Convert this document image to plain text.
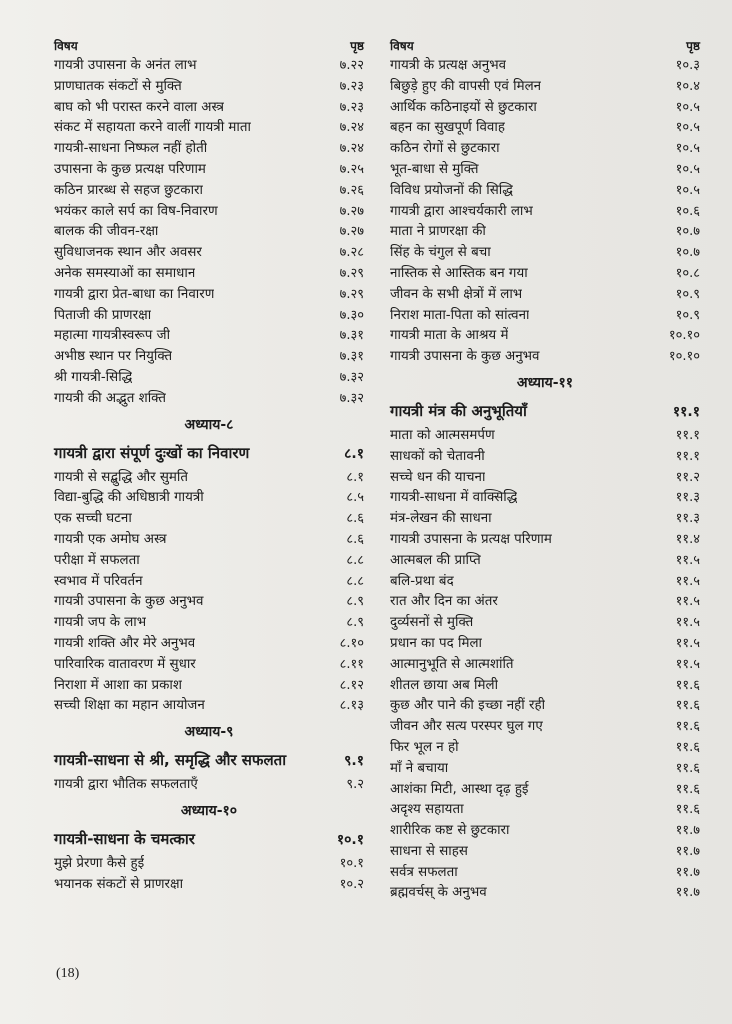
विषय	पृष्ठ
गायत्री उपासना के अनंत लाभ	७.२२
प्राणघातक संकटों से मुक्ति	७.२३
बाघ को भी परास्त करने वाला अस्त्र	७.२३
संकट में सहायता करने वालीं गायत्री माता	७.२४
गायत्री-साधना निष्फल नहीं होती	७.२४
उपासना के कुछ प्रत्यक्ष परिणाम	७.२५
कठिन प्रारब्ध से सहज छुटकारा	७.२६
भयंकर काले सर्प का विष-निवारण	७.२७
बालक की जीवन-रक्षा	७.२७
सुविधाजनक स्थान और अवसर	७.२८
अनेक समस्याओं का समाधान	७.२९
गायत्री द्वारा प्रेत-बाधा का निवारण	७.२९
पिताजी की प्राणरक्षा	७.३०
महात्मा गायत्रीस्वरूप जी	७.३१
अभीष्ठ स्थान पर नियुक्ति	७.३१
श्री गायत्री-सिद्धि	७.३२
गायत्री की अद्भुत शक्ति	७.३२
अध्याय-८
गायत्री द्वारा संपूर्ण दुःखों का निवारण	८.१
गायत्री से सद्बुद्धि और सुमति	८.१
विद्या-बुद्धि की अधिष्ठात्री गायत्री	८.५
एक सच्ची घटना	८.६
गायत्री एक अमोघ अस्त्र	८.६
परीक्षा में सफलता	८.८
स्वभाव में परिवर्तन	८.८
गायत्री उपासना के कुछ अनुभव	८.९
गायत्री जप के लाभ	८.९
गायत्री शक्ति और मेरे अनुभव	८.१०
पारिवारिक वातावरण में सुधार	८.११
निराशा में आशा का प्रकाश	८.१२
सच्ची शिक्षा का महान आयोजन	८.१३
अध्याय-९
गायत्री-साधना से श्री, समृद्धि और सफलता	९.१
गायत्री द्वारा भौतिक सफलताएँ	९.२
अध्याय-१०
गायत्री-साधना के चमत्कार	१०.१
मुझे प्रेरणा कैसे हुई	१०.१
भयानक संकटों से प्राणरक्षा	१०.२
विषय	पृष्ठ
गायत्री के प्रत्यक्ष अनुभव	१०.३
बिछुड़े हुए की वापसी एवं मिलन	१०.४
आर्थिक कठिनाइयों से छुटकारा	१०.५
बहन का सुखपूर्ण विवाह	१०.५
कठिन रोगों से छुटकारा	१०.५
भूत-बाधा से मुक्ति	१०.५
विविध प्रयोजनों की सिद्धि	१०.५
गायत्री द्वारा आश्चर्यकारी लाभ	१०.६
माता ने प्राणरक्षा की	१०.७
सिंह के चंगुल से बचा	१०.७
नास्तिक से आस्तिक बन गया	१०.८
जीवन के सभी क्षेत्रों में लाभ	१०.९
निराश माता-पिता को सांत्वना	१०.९
गायत्री माता के आश्रय में	१०.१०
गायत्री उपासना के कुछ अनुभव	१०.१०
अध्याय-११
गायत्री मंत्र की अनुभूतियाँ	११.१
माता को आत्मसमर्पण	११.१
साधकों को चेतावनी	११.१
सच्चे धन की याचना	११.२
गायत्री-साधना में वाक्सिद्धि	११.३
मंत्र-लेखन की साधना	११.३
गायत्री उपासना के प्रत्यक्ष परिणाम	११.४
आत्मबल की प्राप्ति	११.५
बलि-प्रथा बंद	११.५
रात और दिन का अंतर	११.५
दुर्व्यसनों से मुक्ति	११.५
प्रधान का पद मिला	११.५
आत्मानुभूति से आत्मशांति	११.५
शीतल छाया अब मिली	११.६
कुछ और पाने की इच्छा नहीं रही	११.६
जीवन और सत्य परस्पर घुल गए	११.६
फिर भूल न हो	११.६
माँ ने बचाया	११.६
आशंका मिटी, आस्था दृढ़ हुई	११.६
अदृश्य सहायता	११.६
शारीरिक कष्ट से छुटकारा	११.७
साधना से साहस	११.७
सर्वत्र सफलता	११.७
ब्रह्मवर्चस् के अनुभव	११.७
(18)
